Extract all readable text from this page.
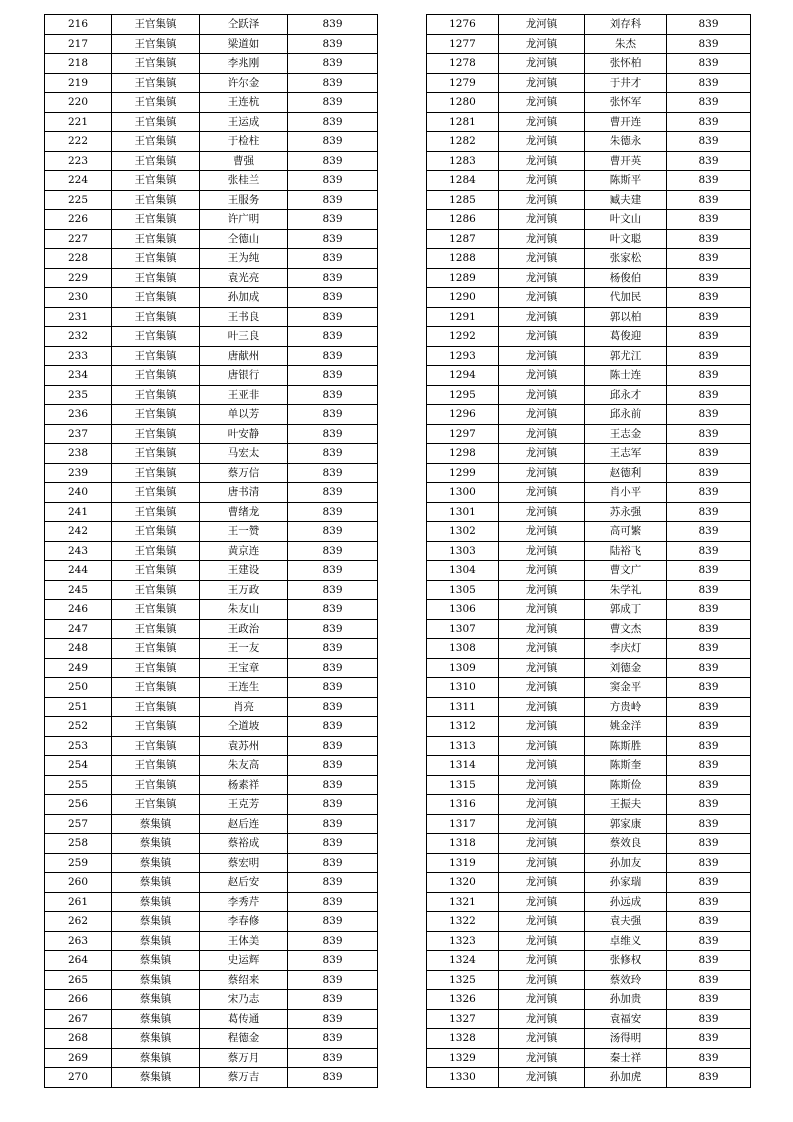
216	王官集镇	仝跃泽	839
217	王官集镇	梁道如	839
218	王官集镇	李兆刚	839
219	王官集镇	许尔金	839
220	王官集镇	王连杭	839
221	王官集镇	王运成	839
222	王官集镇	于检柱	839
223	王官集镇	曹强	839
224	王官集镇	张桂兰	839
225	王官集镇	王服务	839
226	王官集镇	许广明	839
227	王官集镇	仝德山	839
228	王官集镇	王为纯	839
229	王官集镇	袁光亮	839
230	王官集镇	孙加成	839
231	王官集镇	王书良	839
232	王官集镇	叶三良	839
233	王官集镇	唐献州	839
234	王官集镇	唐银行	839
235	王官集镇	王亚非	839
236	王官集镇	单以芳	839
237	王官集镇	叶安静	839
238	王官集镇	马宏太	839
239	王官集镇	蔡万信	839
240	王官集镇	唐书清	839
241	王官集镇	曹绪龙	839
242	王官集镇	王一赞	839
243	王官集镇	黄京连	839
244	王官集镇	王建设	839
245	王官集镇	王万政	839
246	王官集镇	朱友山	839
247	王官集镇	王政治	839
248	王官集镇	王一友	839
249	王官集镇	王宝章	839
250	王官集镇	王连生	839
251	王官集镇	肖亮	839
252	王官集镇	仝道坡	839
253	王官集镇	袁苏州	839
254	王官集镇	朱友高	839
255	王官集镇	杨素祥	839
256	王官集镇	王克芳	839
257	蔡集镇	赵后连	839
258	蔡集镇	蔡裕成	839
259	蔡集镇	蔡宏明	839
260	蔡集镇	赵后安	839
261	蔡集镇	李秀芹	839
262	蔡集镇	李春修	839
263	蔡集镇	王体美	839
264	蔡集镇	史运辉	839
265	蔡集镇	蔡绍来	839
266	蔡集镇	宋乃志	839
267	蔡集镇	葛传通	839
268	蔡集镇	程德金	839
269	蔡集镇	蔡万月	839
270	蔡集镇	蔡万吉	839
1276	龙河镇	刘存科	839
1277	龙河镇	朱杰	839
1278	龙河镇	张怀柏	839
1279	龙河镇	于井才	839
1280	龙河镇	张怀军	839
1281	龙河镇	曹开连	839
1282	龙河镇	朱德永	839
1283	龙河镇	曹开英	839
1284	龙河镇	陈斯平	839
1285	龙河镇	臧夫建	839
1286	龙河镇	叶文山	839
1287	龙河镇	叶文聪	839
1288	龙河镇	张家松	839
1289	龙河镇	杨俊伯	839
1290	龙河镇	代加民	839
1291	龙河镇	郭以柏	839
1292	龙河镇	葛俊迎	839
1293	龙河镇	郭尤江	839
1294	龙河镇	陈士连	839
1295	龙河镇	邱永才	839
1296	龙河镇	邱永前	839
1297	龙河镇	王志金	839
1298	龙河镇	王志军	839
1299	龙河镇	赵德利	839
1300	龙河镇	肖小平	839
1301	龙河镇	苏永强	839
1302	龙河镇	高可繁	839
1303	龙河镇	陆裕飞	839
1304	龙河镇	曹文广	839
1305	龙河镇	朱学礼	839
1306	龙河镇	郭成丁	839
1307	龙河镇	曹文杰	839
1308	龙河镇	李庆灯	839
1309	龙河镇	刘德金	839
1310	龙河镇	窦金平	839
1311	龙河镇	方贵岭	839
1312	龙河镇	姚金洋	839
1313	龙河镇	陈斯胜	839
1314	龙河镇	陈斯奎	839
1315	龙河镇	陈斯俭	839
1316	龙河镇	王振夫	839
1317	龙河镇	郭家康	839
1318	龙河镇	蔡效良	839
1319	龙河镇	孙加友	839
1320	龙河镇	孙家瑞	839
1321	龙河镇	孙远成	839
1322	龙河镇	袁夫强	839
1323	龙河镇	卓维义	839
1324	龙河镇	张修权	839
1325	龙河镇	蔡效玲	839
1326	龙河镇	孙加贵	839
1327	龙河镇	袁福安	839
1328	龙河镇	汤得明	839
1329	龙河镇	秦士祥	839
1330	龙河镇	孙加虎	839
